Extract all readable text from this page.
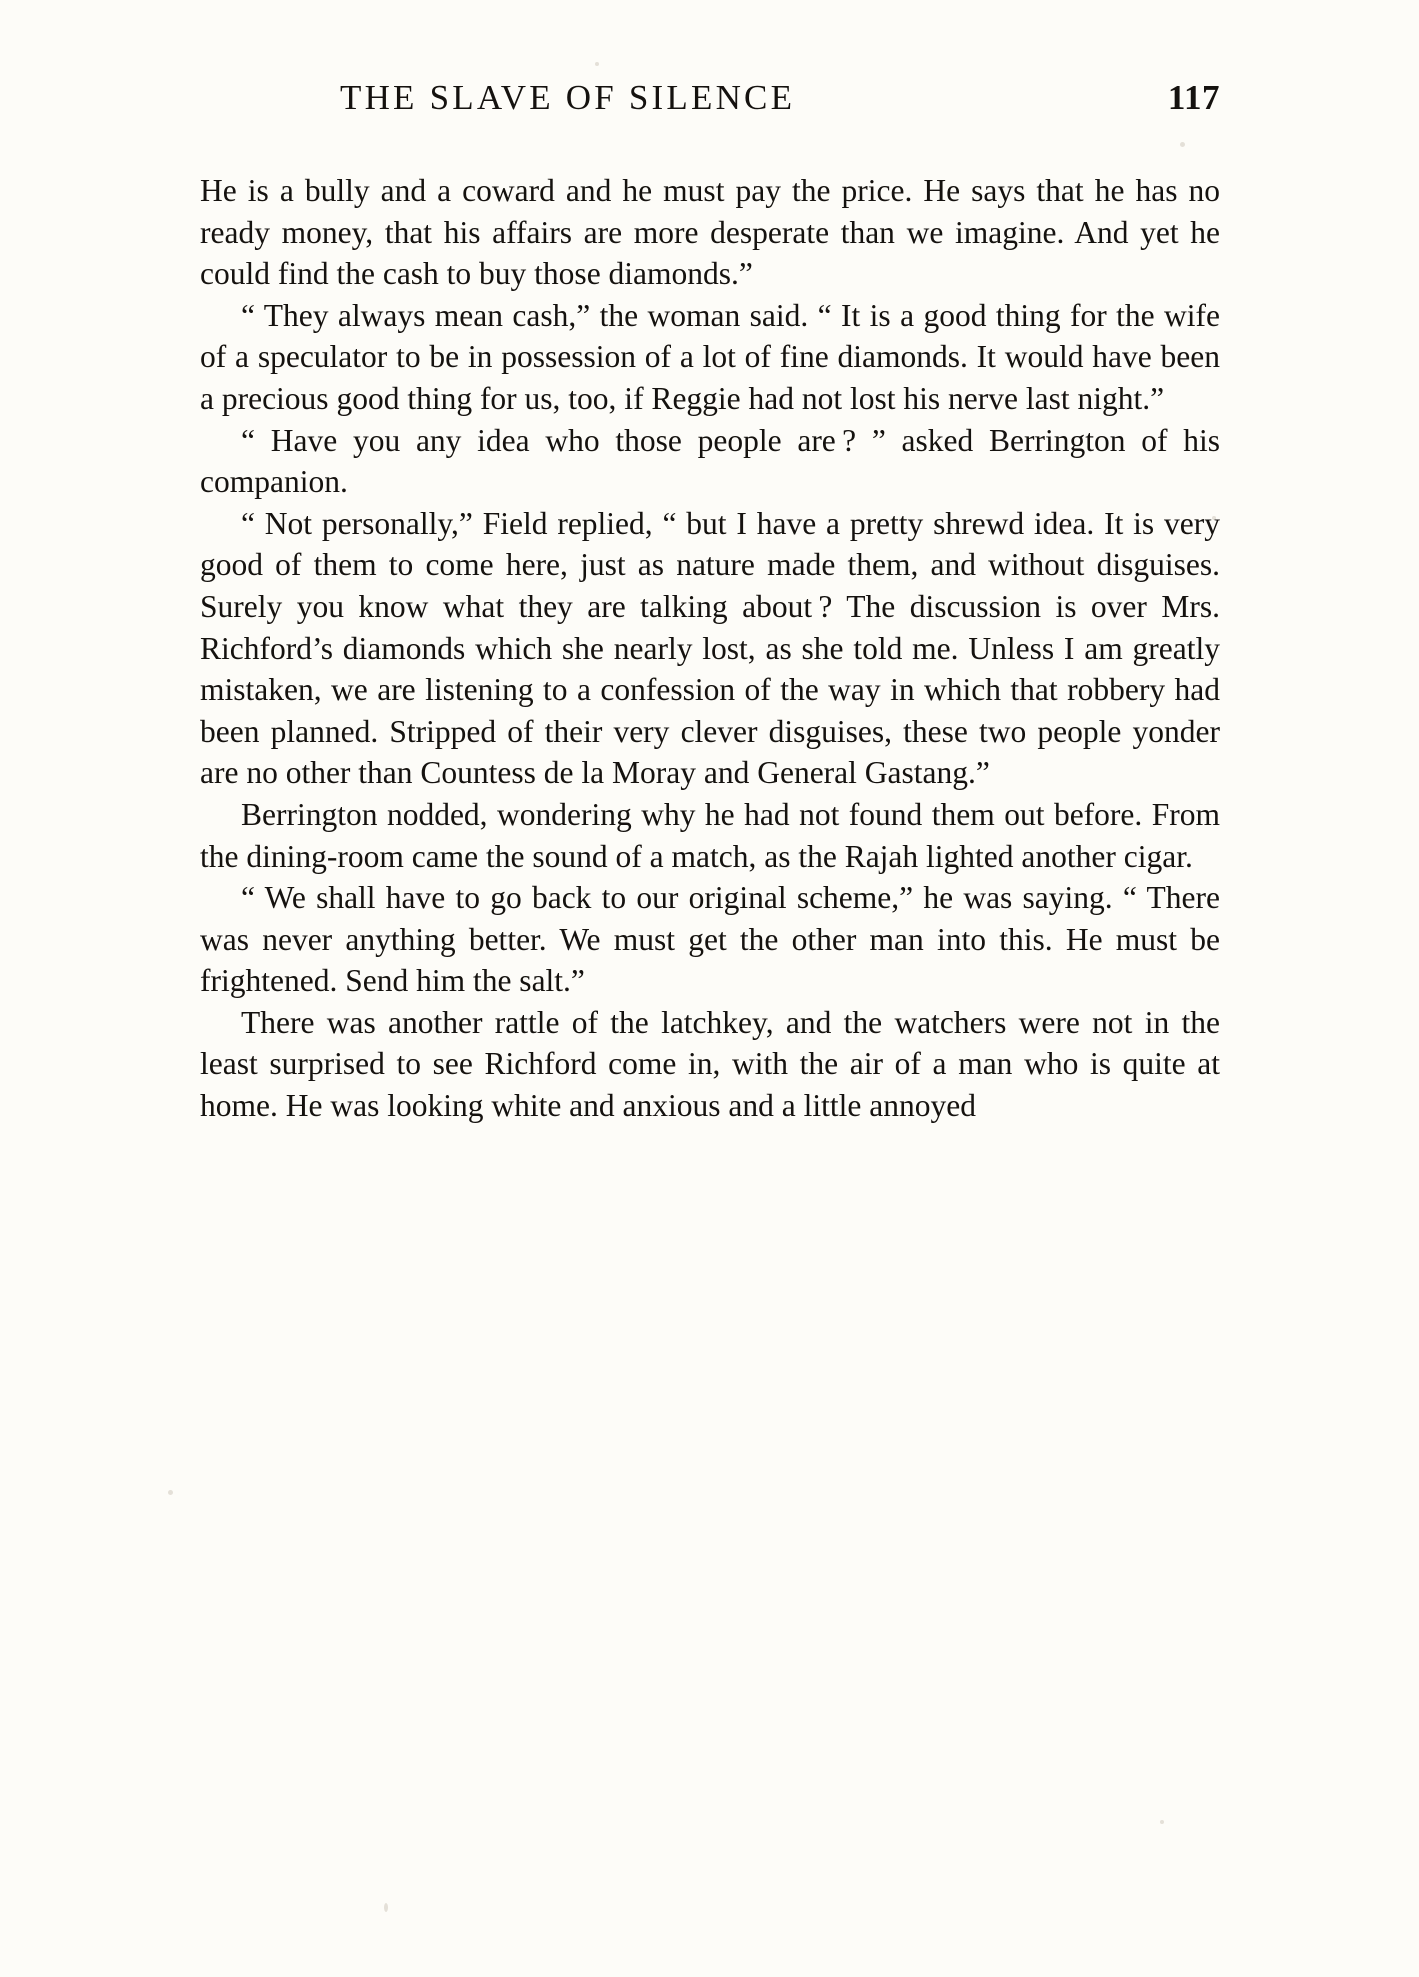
THE SLAVE OF SILENCE	117

He is a bully and a coward and he must pay the price. He says that he has no ready money, that his affairs are more desperate than we imagine. And yet he could find the cash to buy those diamonds.”

“ They always mean cash,” the woman said. “ It is a good thing for the wife of a speculator to be in possession of a lot of fine diamonds. It would have been a precious good thing for us, too, if Reggie had not lost his nerve last night.”

“ Have you any idea who those people are ? ” asked Berrington of his companion.

“ Not personally,” Field replied, “ but I have a pretty shrewd idea. It is very good of them to come here, just as nature made them, and without disguises. Surely you know what they are talking about ? The discussion is over Mrs. Richford’s diamonds which she nearly lost, as she told me. Unless I am greatly mistaken, we are listening to a confession of the way in which that robbery had been planned. Stripped of their very clever disguises, these two people yonder are no other than Countess de la Moray and General Gastang.”

Berrington nodded, wondering why he had not found them out before. From the dining-room came the sound of a match, as the Rajah lighted another cigar.

“ We shall have to go back to our original scheme,” he was saying. “ There was never anything better. We must get the other man into this. He must be frightened. Send him the salt.”

There was another rattle of the latchkey, and the watchers were not in the least surprised to see Richford come in, with the air of a man who is quite at home. He was looking white and anxious and a little annoyed
